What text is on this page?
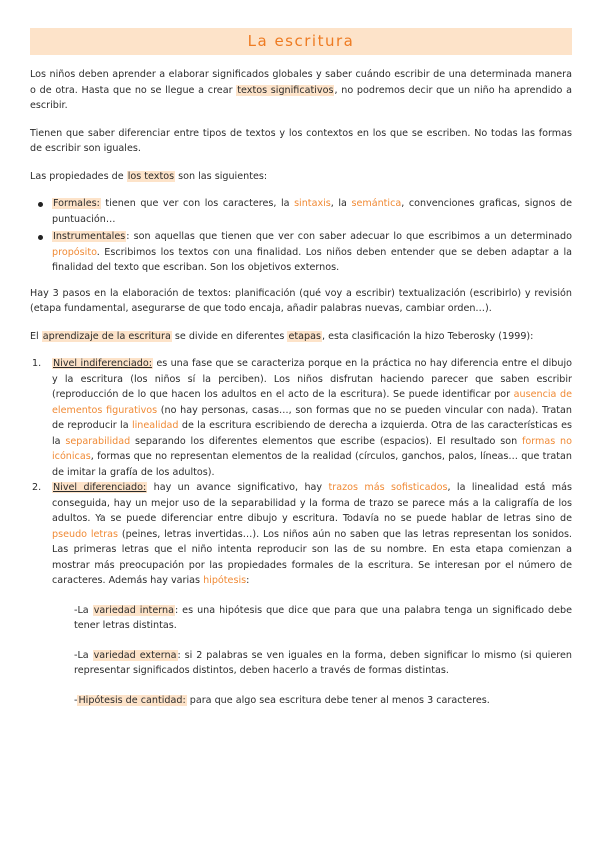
La escritura

Los niños deben aprender a elaborar significados globales y saber cuándo escribir de una determinada manera o de otra. Hasta que no se llegue a crear textos significativos, no podremos decir que un niño ha aprendido a escribir.

Tienen que saber diferenciar entre tipos de textos y los contextos en los que se escriben. No todas las formas de escribir son iguales.

Las propiedades de los textos son las siguientes:

Formales: tienen que ver con los caracteres, la sintaxis, la semántica, convenciones graficas, signos de puntuación…
Instrumentales: son aquellas que tienen que ver con saber adecuar lo que escribimos a un determinado propósito. Escribimos los textos con una finalidad. Los niños deben entender que se deben adaptar a la finalidad del texto que escriban. Son los objetivos externos.

Hay 3 pasos en la elaboración de textos: planificación (qué voy a escribir) textualización (escribirlo) y revisión (etapa fundamental, asegurarse de que todo encaja, añadir palabras nuevas, cambiar orden…).

El aprendizaje de la escritura se divide en diferentes etapas, esta clasificación la hizo Teberosky (1999):

1. Nivel indiferenciado: es una fase que se caracteriza porque en la práctica no hay diferencia entre el dibujo y la escritura (los niños sí la perciben). Los niños disfrutan haciendo parecer que saben escribir (reproducción de lo que hacen los adultos en el acto de la escritura). Se puede identificar por ausencia de elementos figurativos (no hay personas, casas…, son formas que no se pueden vincular con nada). Tratan de reproducir la linealidad de la escritura escribiendo de derecha a izquierda. Otra de las características es la separabilidad separando los diferentes elementos que escribe (espacios). El resultado son formas no icónicas, formas que no representan elementos de la realidad (círculos, ganchos, palos, líneas… que tratan de imitar la grafía de los adultos).
2. Nivel diferenciado: hay un avance significativo, hay trazos más sofisticados, la linealidad está más conseguida, hay un mejor uso de la separabilidad y la forma de trazo se parece más a la caligrafía de los adultos. Ya se puede diferenciar entre dibujo y escritura. Todavía no se puede hablar de letras sino de pseudo letras (peines, letras invertidas…). Los niños aún no saben que las letras representan los sonidos. Las primeras letras que el niño intenta reproducir son las de su nombre. En esta etapa comienzan a mostrar más preocupación por las propiedades formales de la escritura. Se interesan por el número de caracteres. Además hay varias hipótesis:
-La variedad interna: es una hipótesis que dice que para que una palabra tenga un significado debe tener letras distintas.
-La variedad externa: si 2 palabras se ven iguales en la forma, deben significar lo mismo (si quieren representar significados distintos, deben hacerlo a través de formas distintas.
-Hipótesis de cantidad: para que algo sea escritura debe tener al menos 3 caracteres.
